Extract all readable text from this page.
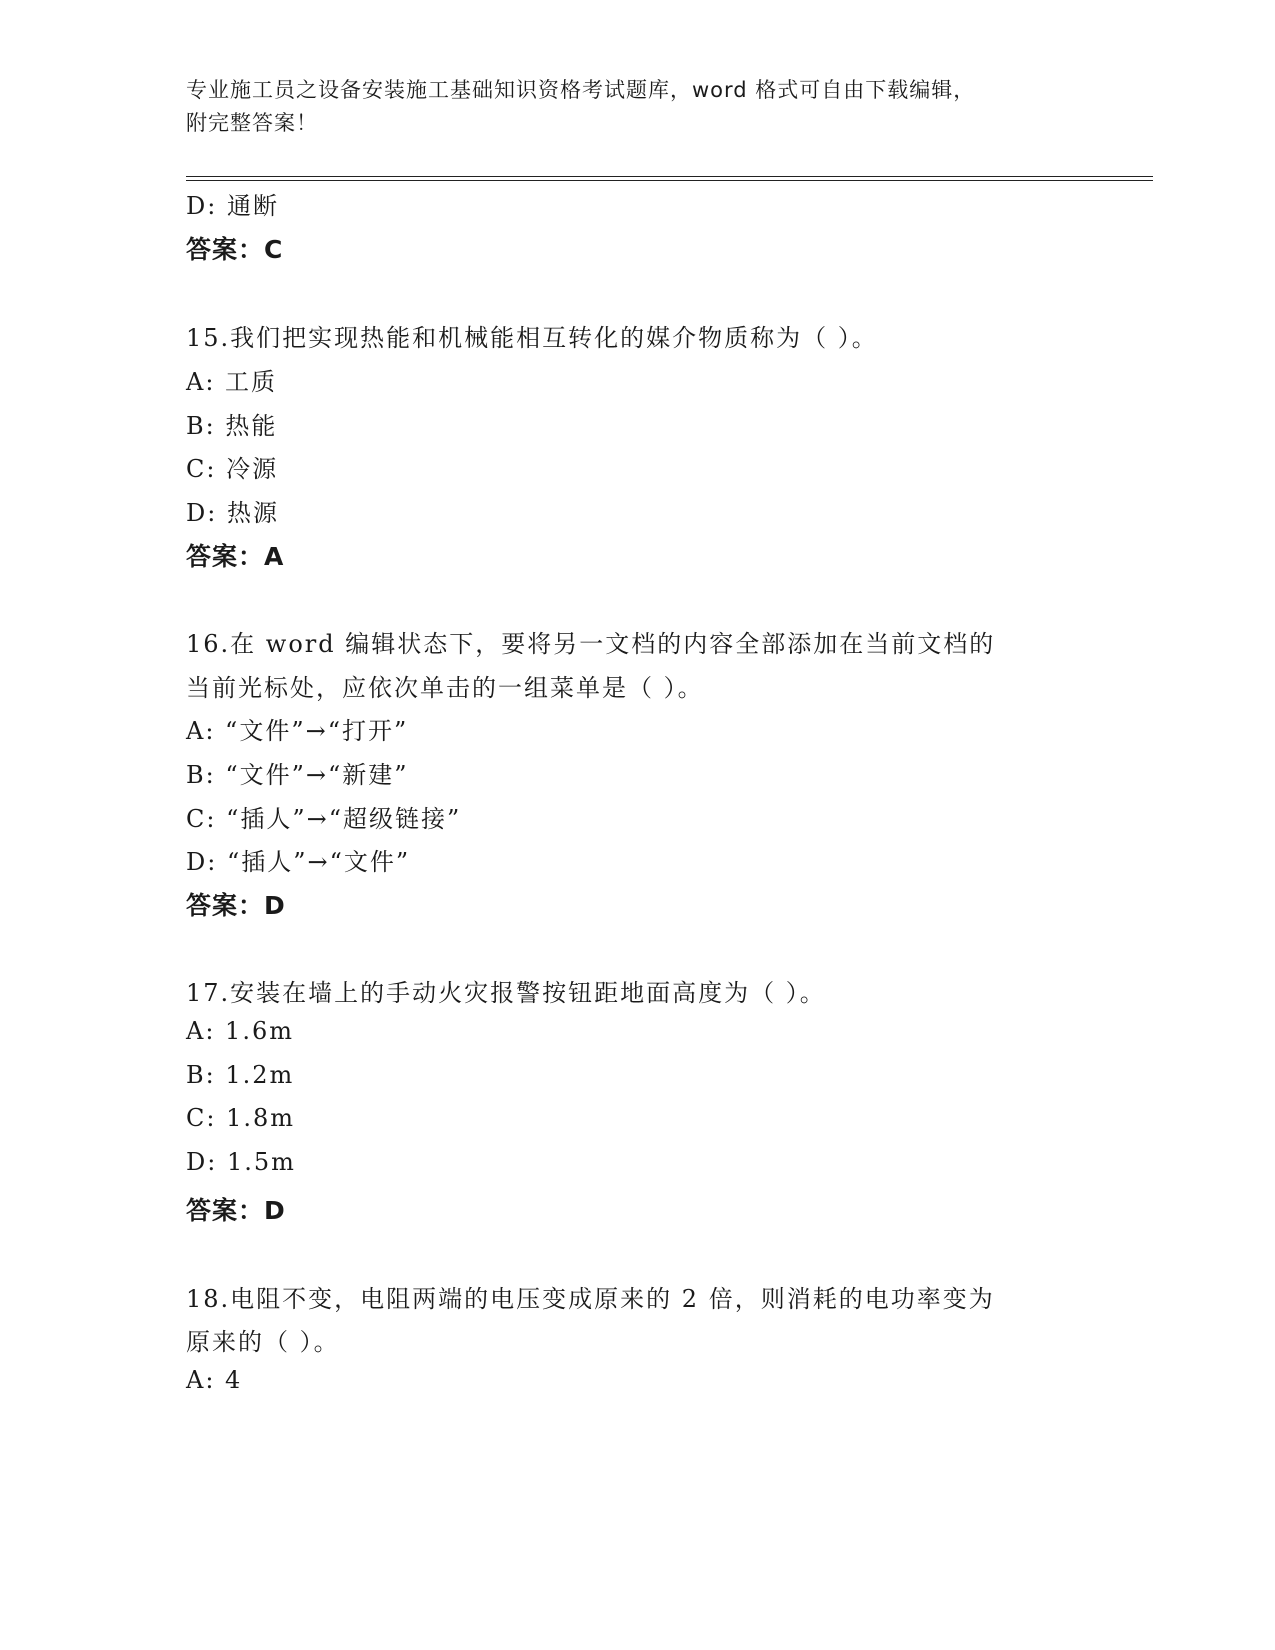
专业施工员之设备安装施工基础知识资格考试题库，word 格式可自由下载编辑，
附完整答案！
D: 通断
答案：C
15.我们把实现热能和机械能相互转化的媒介物质称为（ ）。
A: 工质
B: 热能
C: 冷源
D: 热源
答案：A
16.在 word 编辑状态下，要将另一文档的内容全部添加在当前文档的
当前光标处，应依次单击的一组菜单是（ ）。
A: “文件”→“打开”
B: “文件”→“新建”
C: “插人”→“超级链接”
D: “插人”→“文件”
答案：D
17.安装在墙上的手动火灾报警按钮距地面高度为（ ）。
A: 1.6m
B: 1.2m
C: 1.8m
D: 1.5m
答案：D
18.电阻不变，电阻两端的电压变成原来的 2 倍，则消耗的电功率变为
原来的（ ）。
A: 4
